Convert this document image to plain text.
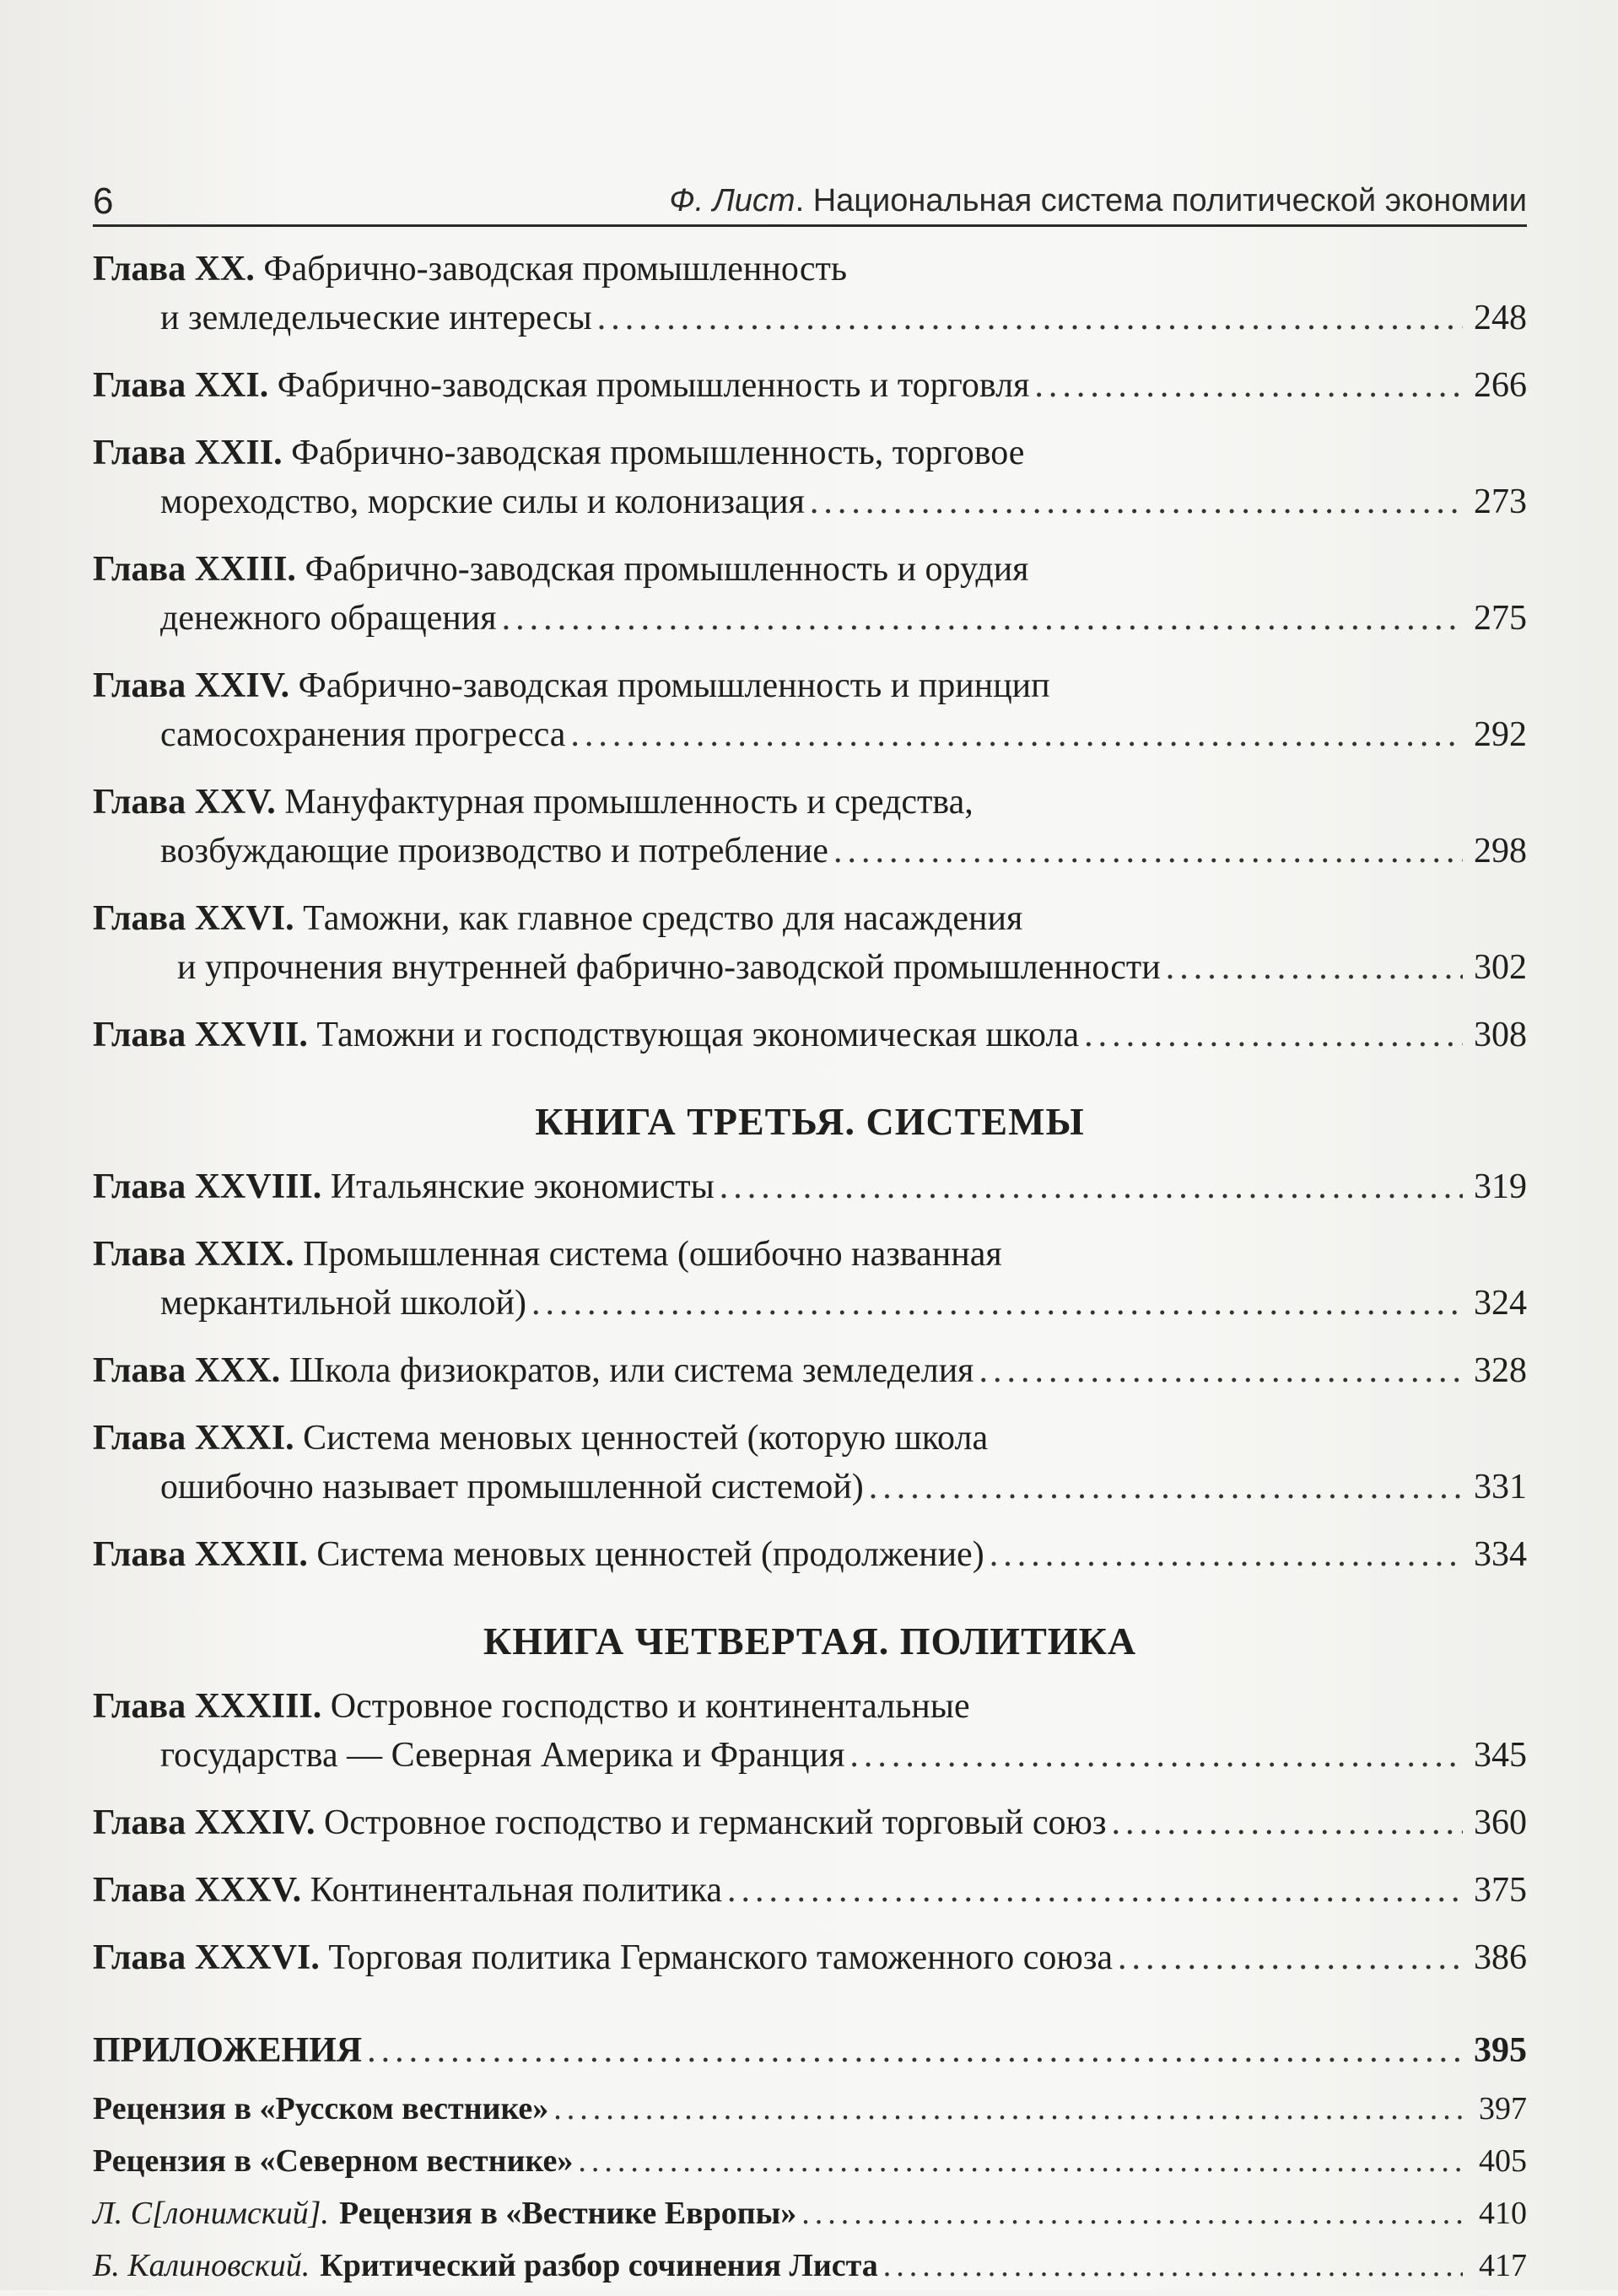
6	Ф. Лист. Национальная система политической экономии
Глава XX. Фабрично-заводская промышленность
и земледельческие интересы .....	248
Глава XXI. Фабрично-заводская промышленность и торговля .....	266
Глава XXII. Фабрично-заводская промышленность, торговое
мореходство, морские силы и колонизация .....	273
Глава XXIII. Фабрично-заводская промышленность и орудия
денежного обращения .....	275
Глава XXIV. Фабрично-заводская промышленность и принцип
самосохранения прогресса .....	292
Глава XXV. Мануфактурная промышленность и средства,
возбуждающие производство и потребление .....	298
Глава XXVI. Таможни, как главное средство для насаждения
и упрочнения внутренней фабрично-заводской промышленности .....	302
Глава XXVII. Таможни и господствующая экономическая школа .....	308
КНИГА ТРЕТЬЯ. СИСТЕМЫ
Глава XXVIII. Итальянские экономисты .....	319
Глава XXIX. Промышленная система (ошибочно названная
меркантильной школой) .....	324
Глава XXX. Школа физиократов, или система земледелия .....	328
Глава XXXI. Система меновых ценностей (которую школа
ошибочно называет промышленной системой) .....	331
Глава XXXII. Система меновых ценностей (продолжение) .....	334
КНИГА ЧЕТВЕРТАЯ. ПОЛИТИКА
Глава XXXIII. Островное господство и континентальные
государства — Северная Америка и Франция .....	345
Глава XXXIV. Островное господство и германский торговый союз .....	360
Глава XXXV. Континентальная политика .....	375
Глава XXXVI. Торговая политика Германского таможенного союза .....	386
ПРИЛОЖЕНИЯ .....	395
Рецензия в «Русском вестнике» .....	397
Рецензия в «Северном вестнике» .....	405
Л. С[лонимский]. Рецензия в «Вестнике Европы» .....	410
Б. Калиновский. Критический разбор сочинения Листа .....	417
